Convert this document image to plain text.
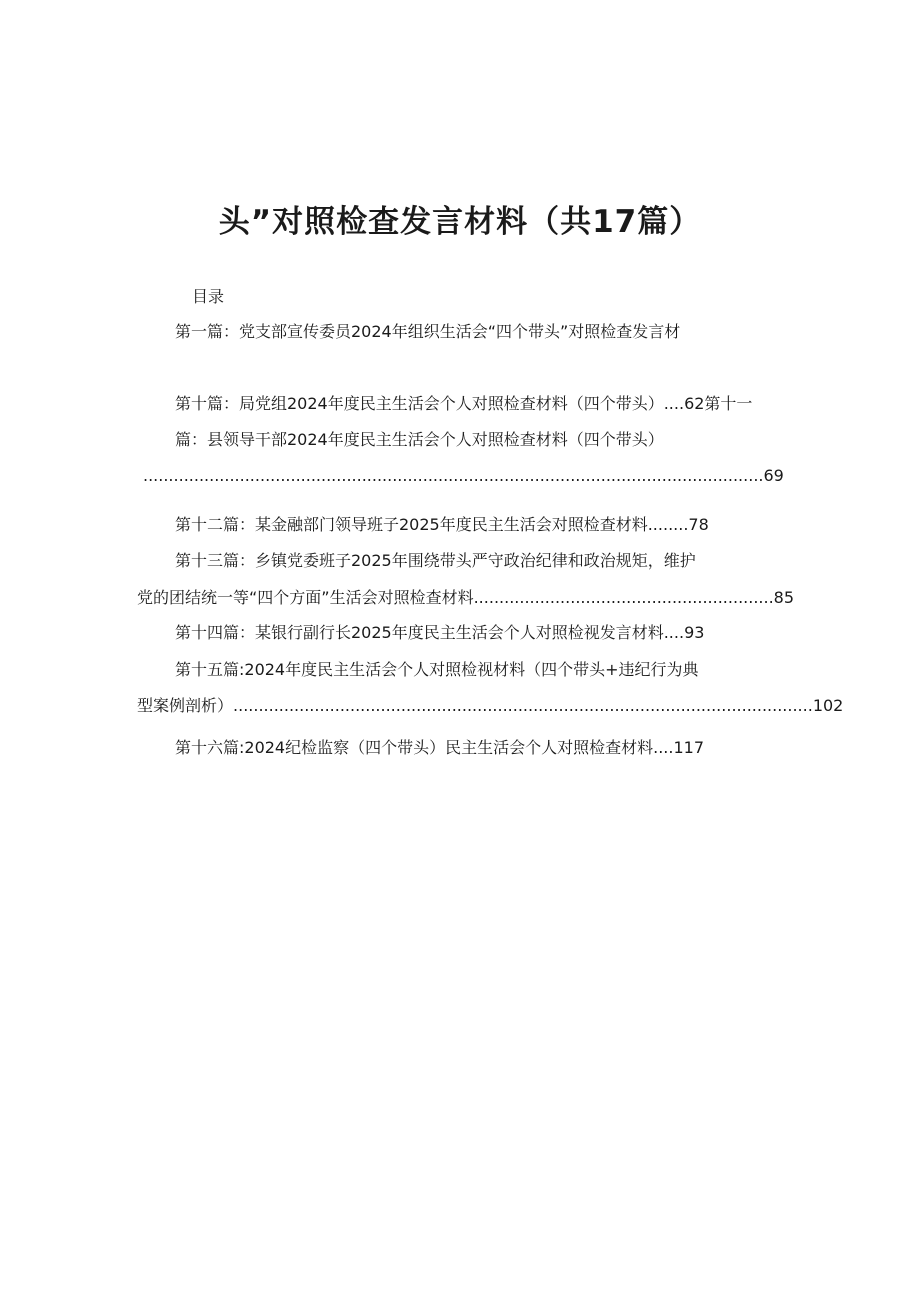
头”对照检查发言材料（共17篇）
目录
第一篇：党支部宣传委员2024年组织生活会“四个带头”对照检查发言材
第十篇：局党组2024年度民主生活会个人对照检查材料（四个带头）....62第十一
篇：县领导干部2024年度民主生活会个人对照检查材料（四个带头）
.......................................................................................................................... 69
第十二篇：某金融部门领导班子2025年度民主生活会对照检查材料........78
第十三篇：乡镇党委班子2025年围绕带头严守政治纪律和政治规矩，维护
党的团结统一等“四个方面”生活会对照检查材料 ........................................................... 85
第十四篇：某银行副行长2025年度民主生活会个人对照检视发言材料....93
第十五篇:2024年度民主生活会个人对照检视材料（四个带头+违纪行为典
型案例剖析） .................................................................................................................. 102
第十六篇:2024纪检监察（四个带头）民主生活会个人对照检查材料....117
